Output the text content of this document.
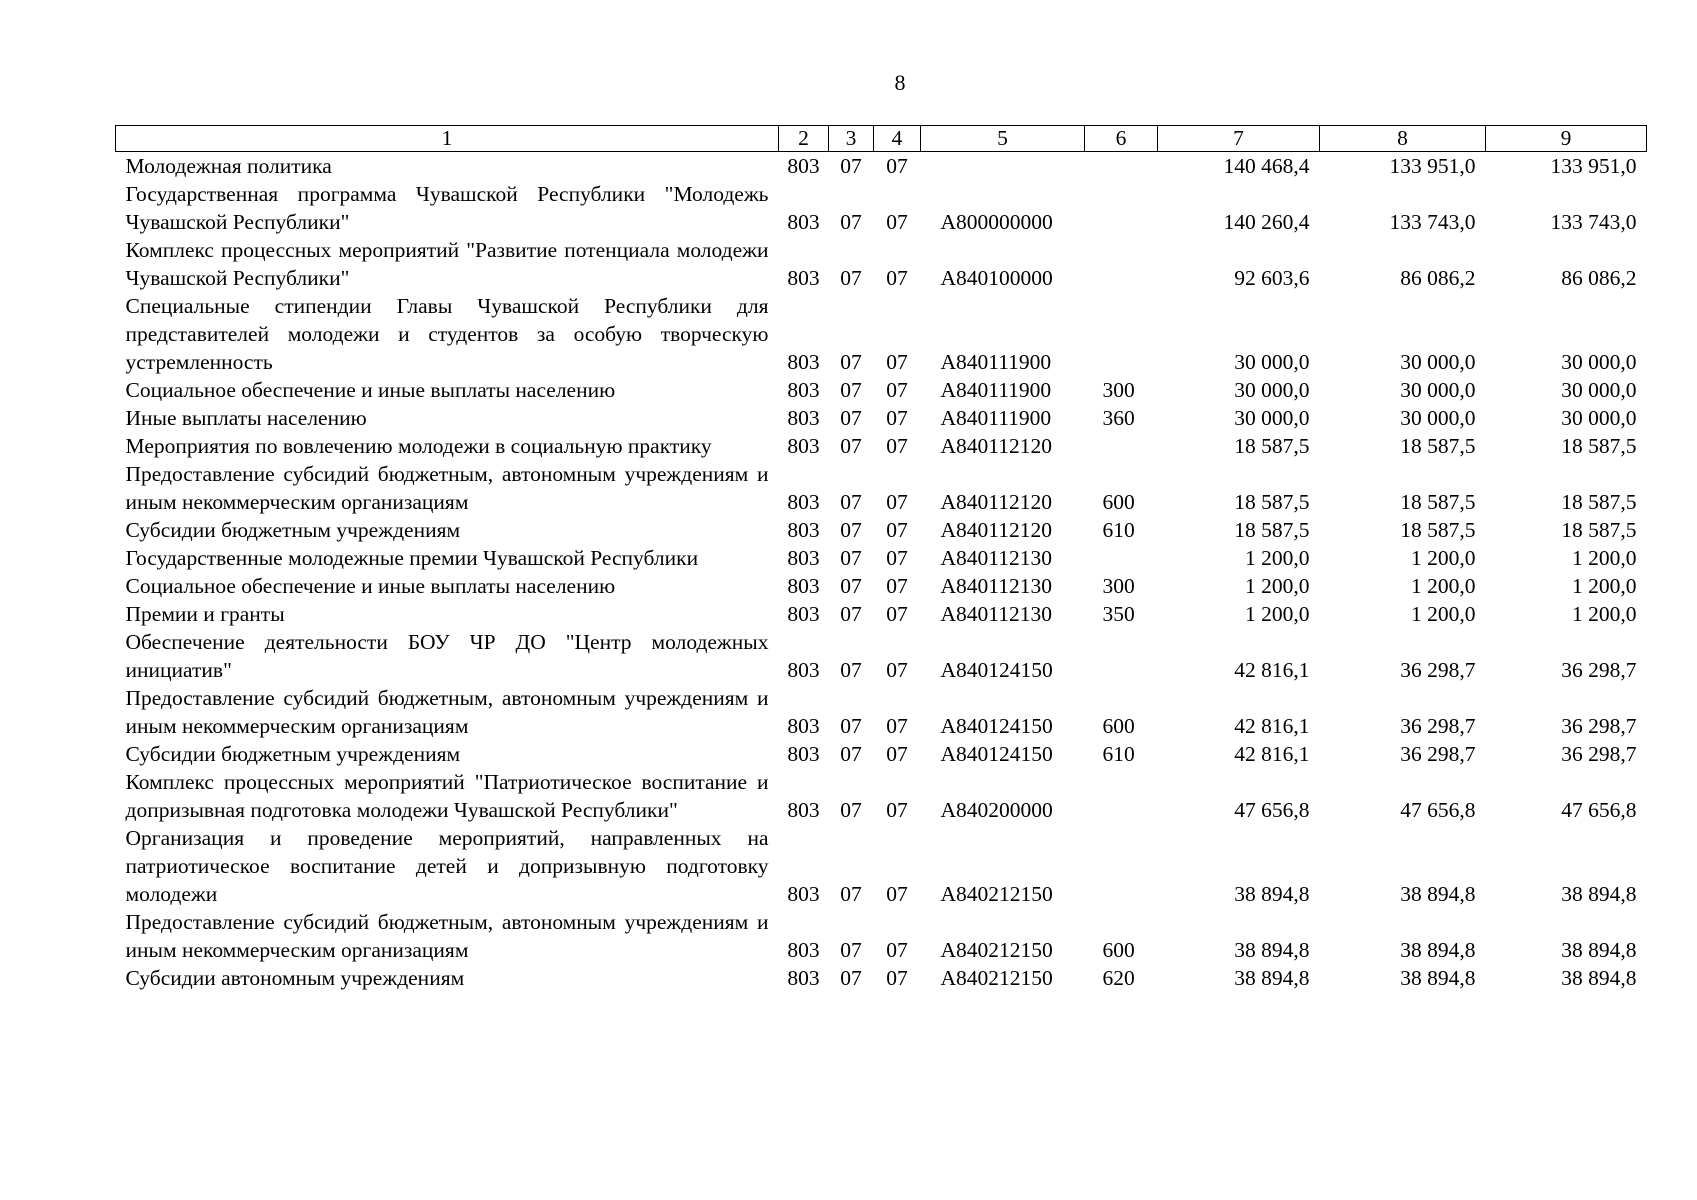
8
1	2	3	4	5	6	7	8	9
Молодежная политика	803	07	07			140 468,4	133 951,0	133 951,0
Государственная программа Чувашской Республики "Молодежь Чувашской Республики"	803	07	07	А800000000		140 260,4	133 743,0	133 743,0
Комплекс процессных мероприятий "Развитие потенциала молодежи Чувашской Республики"	803	07	07	А840100000		92 603,6	86 086,2	86 086,2
Специальные стипендии Главы Чувашской Республики для представителей молодежи и студентов за особую творческую устремленность	803	07	07	А840111900		30 000,0	30 000,0	30 000,0
Социальное обеспечение и иные выплаты населению	803	07	07	А840111900	300	30 000,0	30 000,0	30 000,0
Иные выплаты населению	803	07	07	А840111900	360	30 000,0	30 000,0	30 000,0
Мероприятия по вовлечению молодежи в социальную практику	803	07	07	А840112120		18 587,5	18 587,5	18 587,5
Предоставление субсидий бюджетным, автономным учреждениям и иным некоммерческим организациям	803	07	07	А840112120	600	18 587,5	18 587,5	18 587,5
Субсидии бюджетным учреждениям	803	07	07	А840112120	610	18 587,5	18 587,5	18 587,5
Государственные молодежные премии Чувашской Республики	803	07	07	А840112130		1 200,0	1 200,0	1 200,0
Социальное обеспечение и иные выплаты населению	803	07	07	А840112130	300	1 200,0	1 200,0	1 200,0
Премии и гранты	803	07	07	А840112130	350	1 200,0	1 200,0	1 200,0
Обеспечение деятельности БОУ ЧР ДО "Центр молодежных инициатив"	803	07	07	А840124150		42 816,1	36 298,7	36 298,7
Предоставление субсидий бюджетным, автономным учреждениям и иным некоммерческим организациям	803	07	07	А840124150	600	42 816,1	36 298,7	36 298,7
Субсидии бюджетным учреждениям	803	07	07	А840124150	610	42 816,1	36 298,7	36 298,7
Комплекс процессных мероприятий "Патриотическое воспитание и допризывная подготовка молодежи Чувашской Республики"	803	07	07	А840200000		47 656,8	47 656,8	47 656,8
Организация и проведение мероприятий, направленных на патриотическое воспитание детей и допризывную подготовку молодежи	803	07	07	А840212150		38 894,8	38 894,8	38 894,8
Предоставление субсидий бюджетным, автономным учреждениям и иным некоммерческим организациям	803	07	07	А840212150	600	38 894,8	38 894,8	38 894,8
Субсидии автономным учреждениям	803	07	07	А840212150	620	38 894,8	38 894,8	38 894,8
